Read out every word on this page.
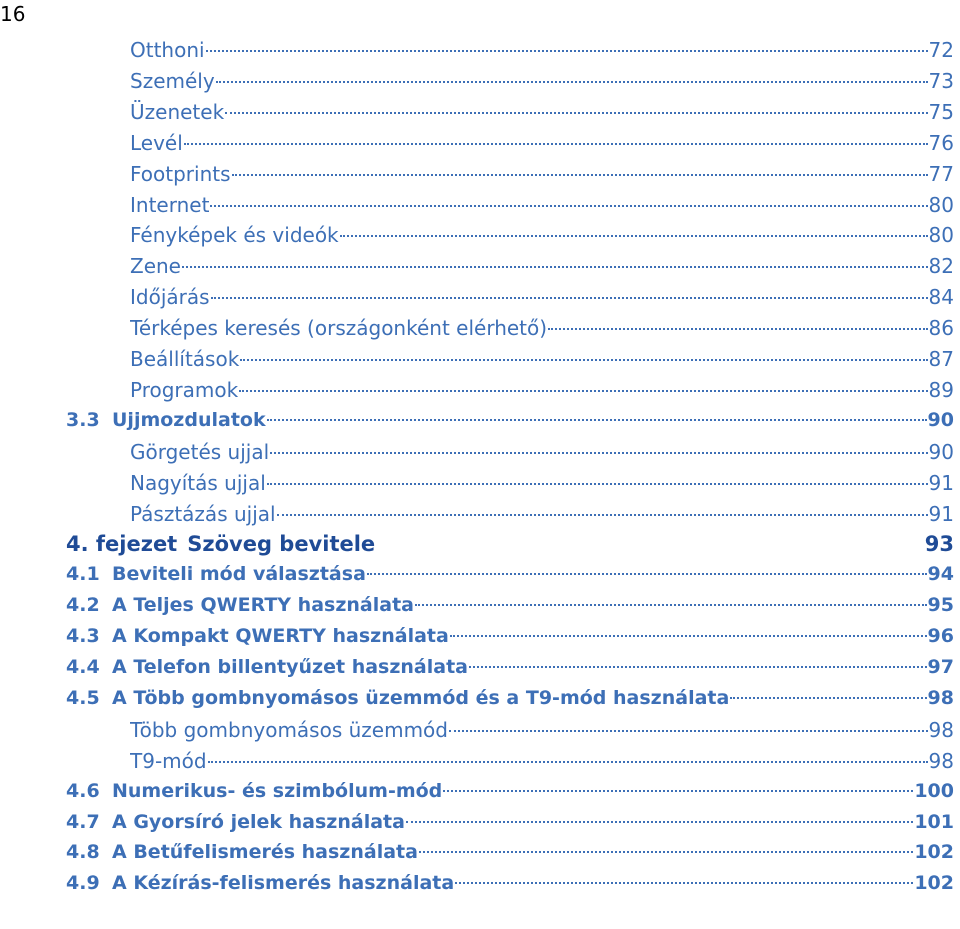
16
Otthoni	72
Személy	73
Üzenetek	75
Levél	76
Footprints	77
Internet	80
Fényképek és videók	80
Zene	82
Időjárás	84
Térképes keresés (országonként elérhető)	86
Beállítások	87
Programok	89
3.3 Ujjmozdulatok	90
Görgetés ujjal	90
Nagyítás ujjal	91
Pásztázás ujjal	91
4. fejezet Szöveg bevitele	93
4.1 Beviteli mód választása	94
4.2 A Teljes QWERTY használata	95
4.3 A Kompakt QWERTY használata	96
4.4 A Telefon billentyűzet használata	97
4.5 A Több gombnyomásos üzemmód és a T9-mód használata	98
Több gombnyomásos üzemmód	98
T9-mód	98
4.6 Numerikus- és szimbólum-mód	100
4.7 A Gyorsíró jelek használata	101
4.8 A Betűfelismerés használata	102
4.9 A Kézírás-felismerés használata	102
